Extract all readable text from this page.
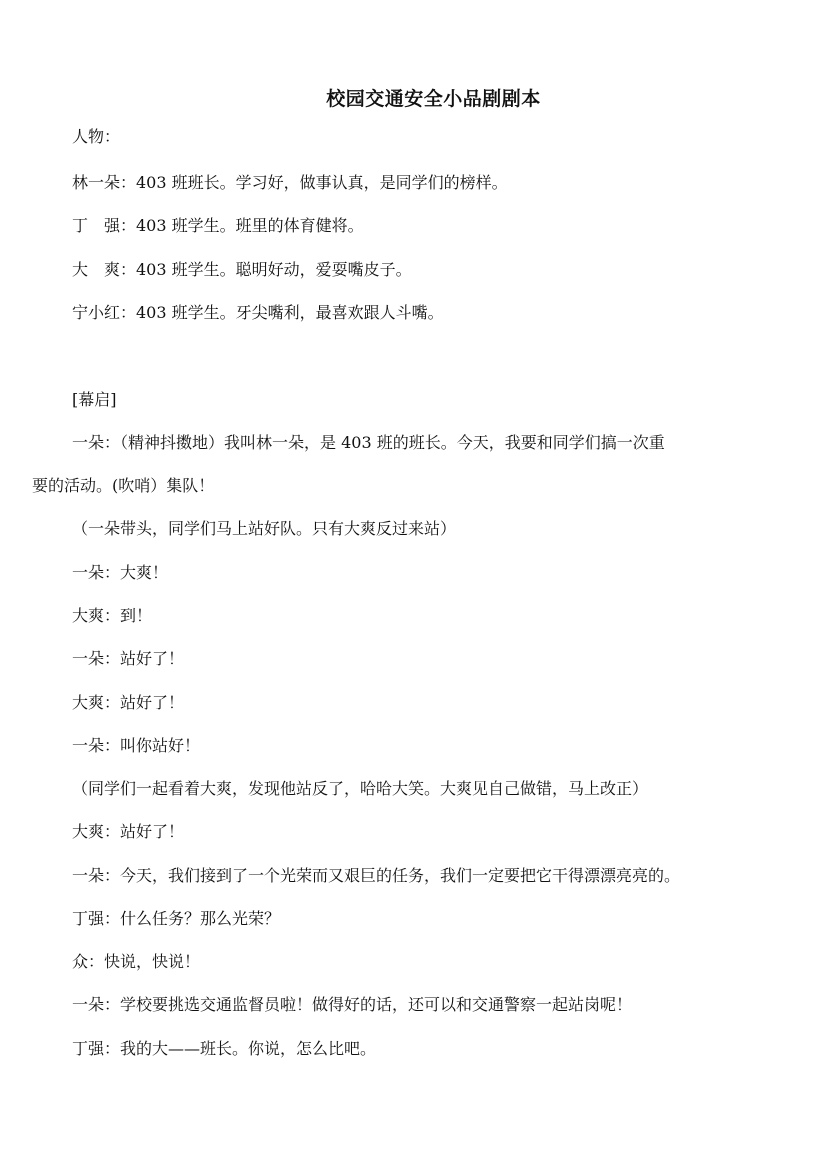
校园交通安全小品剧剧本
人物：
林一朵：403 班班长。学习好，做事认真，是同学们的榜样。
丁　强：403 班学生。班里的体育健将。
大　爽：403 班学生。聪明好动，爱耍嘴皮子。
宁小红：403 班学生。牙尖嘴利，最喜欢跟人斗嘴。
[幕启]
一朵：（精神抖擞地）我叫林一朵，是 403 班的班长。今天，我要和同学们搞一次重
要的活动。(吹哨）集队！
（一朵带头，同学们马上站好队。只有大爽反过来站）
一朵：大爽！
大爽：到！
一朵：站好了！
大爽：站好了！
一朵：叫你站好！
（同学们一起看着大爽，发现他站反了，哈哈大笑。大爽见自己做错，马上改正）
大爽：站好了！
一朵：今天，我们接到了一个光荣而又艰巨的任务，我们一定要把它干得漂漂亮亮的。
丁强：什么任务？那么光荣？
众：快说，快说！
一朵：学校要挑选交通监督员啦！做得好的话，还可以和交通警察一起站岗呢！
丁强：我的大——班长。你说，怎么比吧。
